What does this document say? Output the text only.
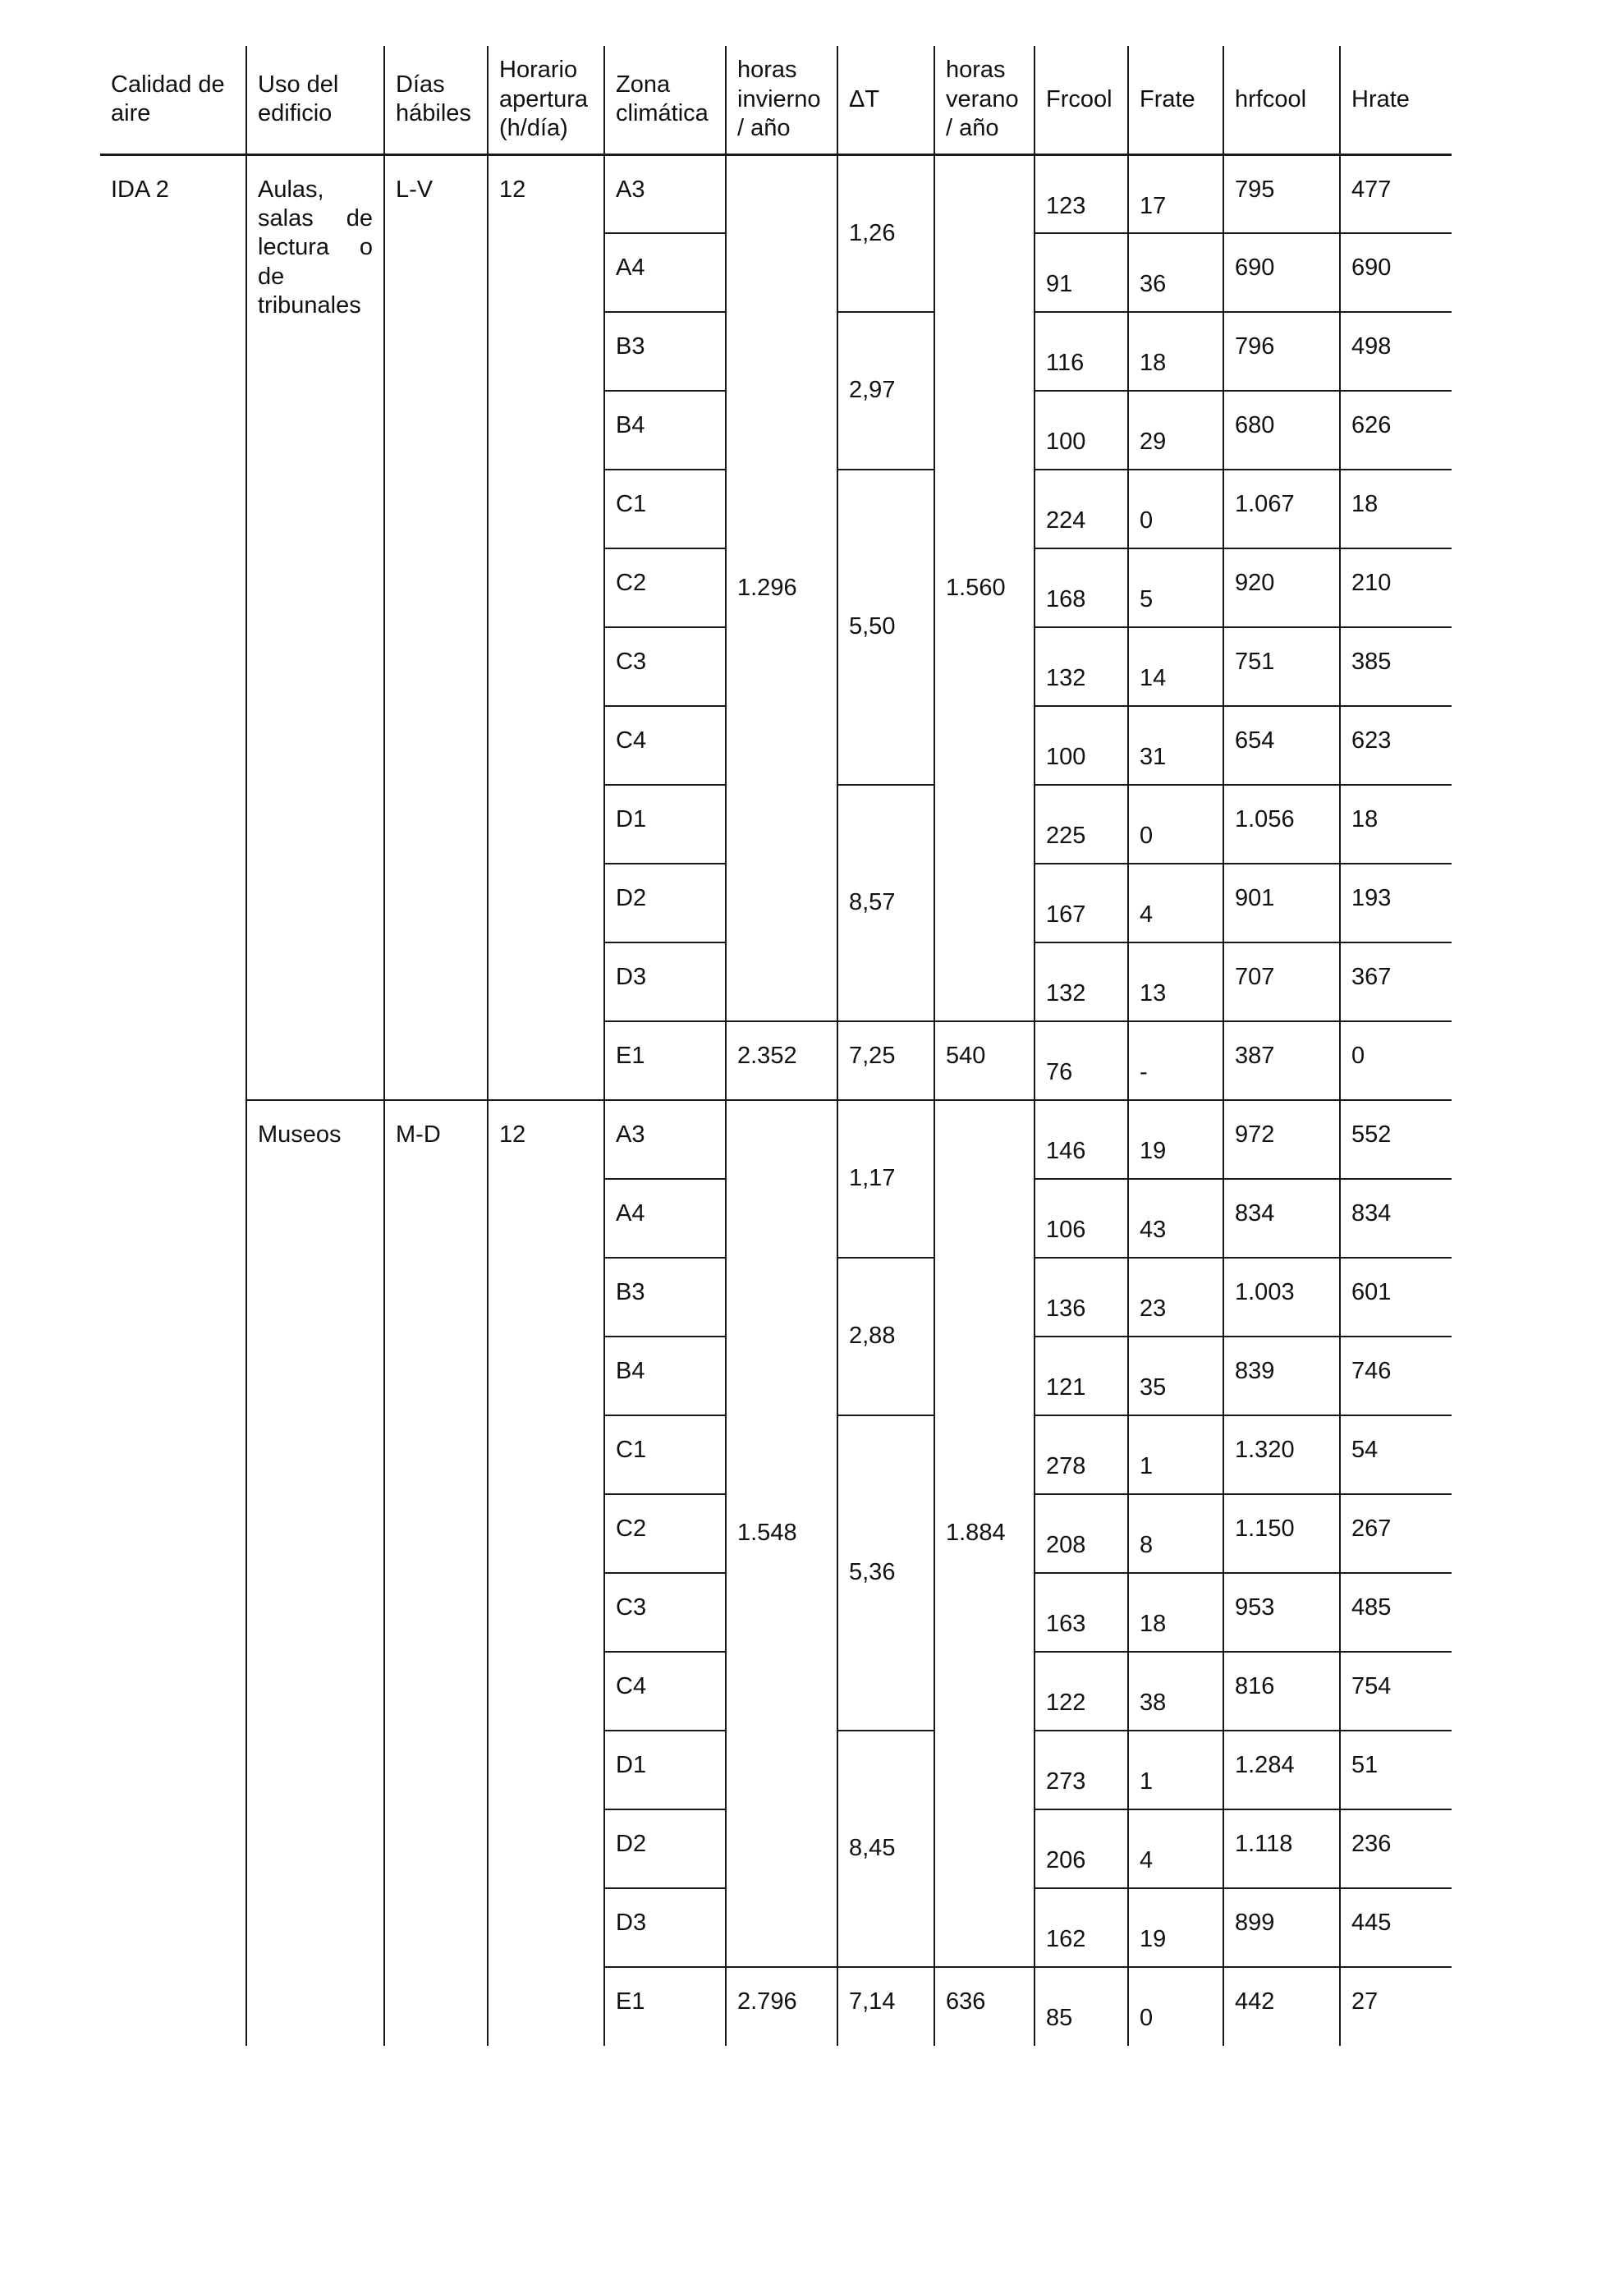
Calidad de aire	Uso del edificio	Días hábiles	Horario apertura (h/día)	Zona climática	horas invierno / año	ΔT	horas verano / año	Frcool	Frate	hrfcool	Hrate
IDA 2	Aulas, salas de lectura o de tribunales	L-V	12	A3	1.296	1,26	1.560	123	17	795	477
				A4				91	36	690	690
				B3		2,97		116	18	796	498
				B4				100	29	680	626
				C1		5,50		224	0	1.067	18
				C2				168	5	920	210
				C3				132	14	751	385
				C4				100	31	654	623
				D1		8,57		225	0	1.056	18
				D2				167	4	901	193
				D3				132	13	707	367
				E1	2.352	7,25	540	76	-	387	0

	Museos	M-D	12	A3	1.548	1,17	1.884	146	19	972	552
				A4				106	43	834	834
				B3		2,88		136	23	1.003	601
				B4				121	35	839	746
				C1		5,36		278	1	1.320	54
				C2				208	8	1.150	267
				C3				163	18	953	485
				C4				122	38	816	754
				D1		8,45		273	1	1.284	51
				D2				206	4	1.118	236
				D3				162	19	899	445
				E1	2.796	7,14	636	85	0	442	27
